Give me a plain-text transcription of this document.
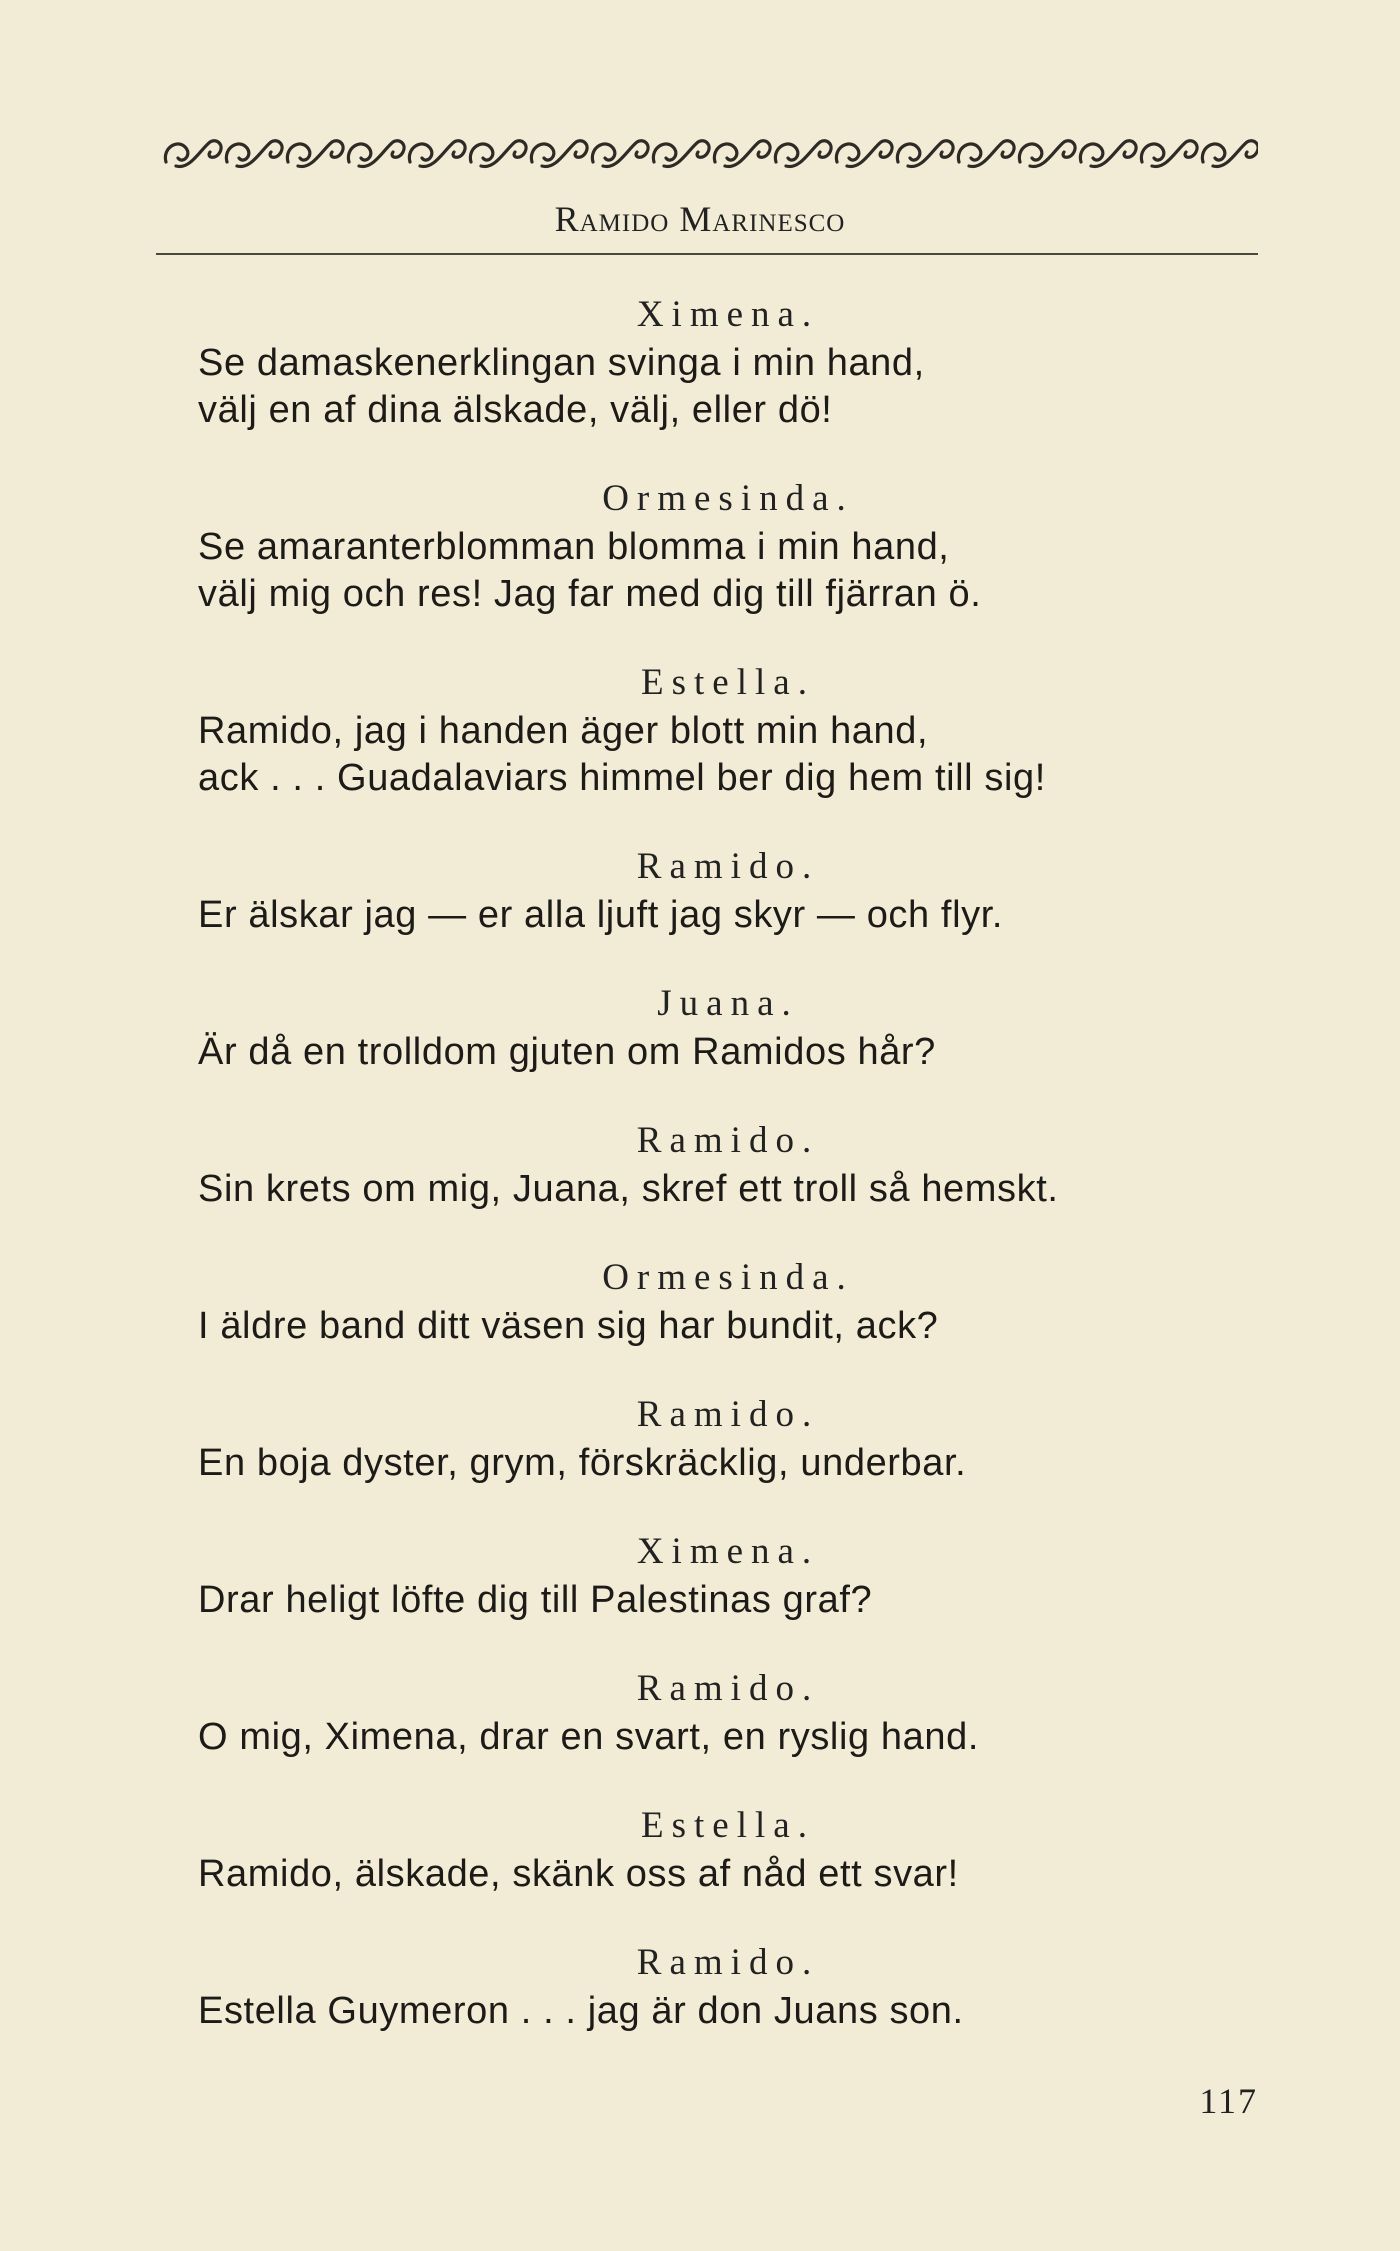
Ramido Marinesco
Ximena.
Se damaskenerklingan svinga i min hand,
välj en af dina älskade, välj, eller dö!
Ormesinda.
Se amaranterblomman blomma i min hand,
välj mig och res! Jag far med dig till fjärran ö.
Estella.
Ramido, jag i handen äger blott min hand,
ack . . . Guadalaviars himmel ber dig hem till sig!
Ramido.
Er älskar jag — er alla ljuft jag skyr — och flyr.
Juana.
Är då en trolldom gjuten om Ramidos hår?
Ramido.
Sin krets om mig, Juana, skref ett troll så hemskt.
Ormesinda.
I äldre band ditt väsen sig har bundit, ack?
Ramido.
En boja dyster, grym, förskräcklig, underbar.
Ximena.
Drar heligt löfte dig till Palestinas graf?
Ramido.
O mig, Ximena, drar en svart, en ryslig hand.
Estella.
Ramido, älskade, skänk oss af nåd ett svar!
Ramido.
Estella Guymeron . . . jag är don Juans son.
117
